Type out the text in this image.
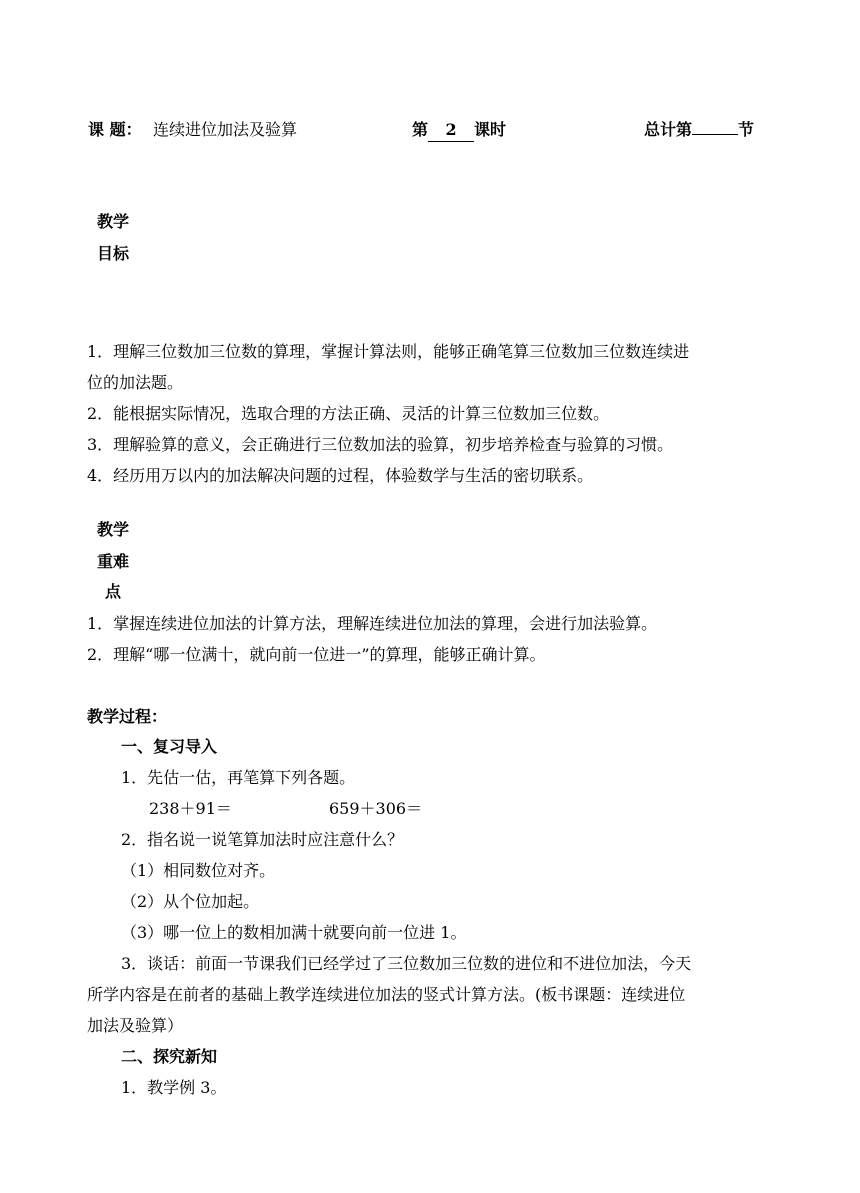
课 题： 连续进位加法及验算	第 2 课时	总计第	节
教学
目标
1．理解三位数加三位数的算理，掌握计算法则，能够正确笔算三位数加三位数连续进
位的加法题。
2．能根据实际情况，选取合理的方法正确、灵活的计算三位数加三位数。
3．理解验算的意义，会正确进行三位数加法的验算，初步培养检查与验算的习惯。
4．经历用万以内的加法解决问题的过程，体验数学与生活的密切联系。
教学
重难
点
1．掌握连续进位加法的计算方法，理解连续进位加法的算理，会进行加法验算。
2．理解“哪一位满十，就向前一位进一”的算理，能够正确计算。
教学过程：
一、复习导入
1．先估一估，再笔算下列各题。
238＋91＝	659＋306＝
2．指名说一说笔算加法时应注意什么？
（1）相同数位对齐。
（2）从个位加起。
（3）哪一位上的数相加满十就要向前一位进 1。
3．谈话：前面一节课我们已经学过了三位数加三位数的进位和不进位加法，今天
所学内容是在前者的基础上教学连续进位加法的竖式计算方法。(板书课题：连续进位
加法及验算）
二、探究新知
1．教学例 3。
